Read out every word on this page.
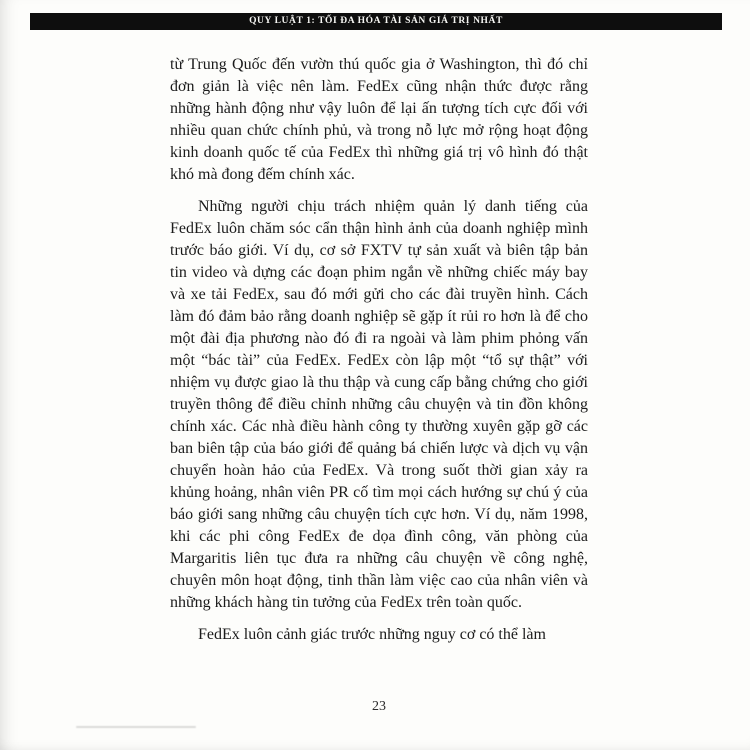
QUY LUẬT 1: TỐI ĐA HÓA TÀI SẢN GIÁ TRỊ NHẤT

từ Trung Quốc đến vườn thú quốc gia ở Washington, thì đó chỉ đơn giản là việc nên làm. FedEx cũng nhận thức được rằng những hành động như vậy luôn để lại ấn tượng tích cực đối với nhiều quan chức chính phủ, và trong nỗ lực mở rộng hoạt động kinh doanh quốc tế của FedEx thì những giá trị vô hình đó thật khó mà đong đếm chính xác.

Những người chịu trách nhiệm quản lý danh tiếng của FedEx luôn chăm sóc cẩn thận hình ảnh của doanh nghiệp mình trước báo giới. Ví dụ, cơ sở FXTV tự sản xuất và biên tập bản tin video và dựng các đoạn phim ngắn về những chiếc máy bay và xe tải FedEx, sau đó mới gửi cho các đài truyền hình. Cách làm đó đảm bảo rằng doanh nghiệp sẽ gặp ít rủi ro hơn là để cho một đài địa phương nào đó đi ra ngoài và làm phim phỏng vấn một “bác tài” của FedEx. FedEx còn lập một “tổ sự thật” với nhiệm vụ được giao là thu thập và cung cấp bằng chứng cho giới truyền thông để điều chỉnh những câu chuyện và tin đồn không chính xác. Các nhà điều hành công ty thường xuyên gặp gỡ các ban biên tập của báo giới để quảng bá chiến lược và dịch vụ vận chuyển hoàn hảo của FedEx. Và trong suốt thời gian xảy ra khủng hoảng, nhân viên PR cố tìm mọi cách hướng sự chú ý của báo giới sang những câu chuyện tích cực hơn. Ví dụ, năm 1998, khi các phi công FedEx đe dọa đình công, văn phòng của Margaritis liên tục đưa ra những câu chuyện về công nghệ, chuyên môn hoạt động, tinh thần làm việc cao của nhân viên và những khách hàng tin tưởng của FedEx trên toàn quốc.

FedEx luôn cảnh giác trước những nguy cơ có thể làm

23
